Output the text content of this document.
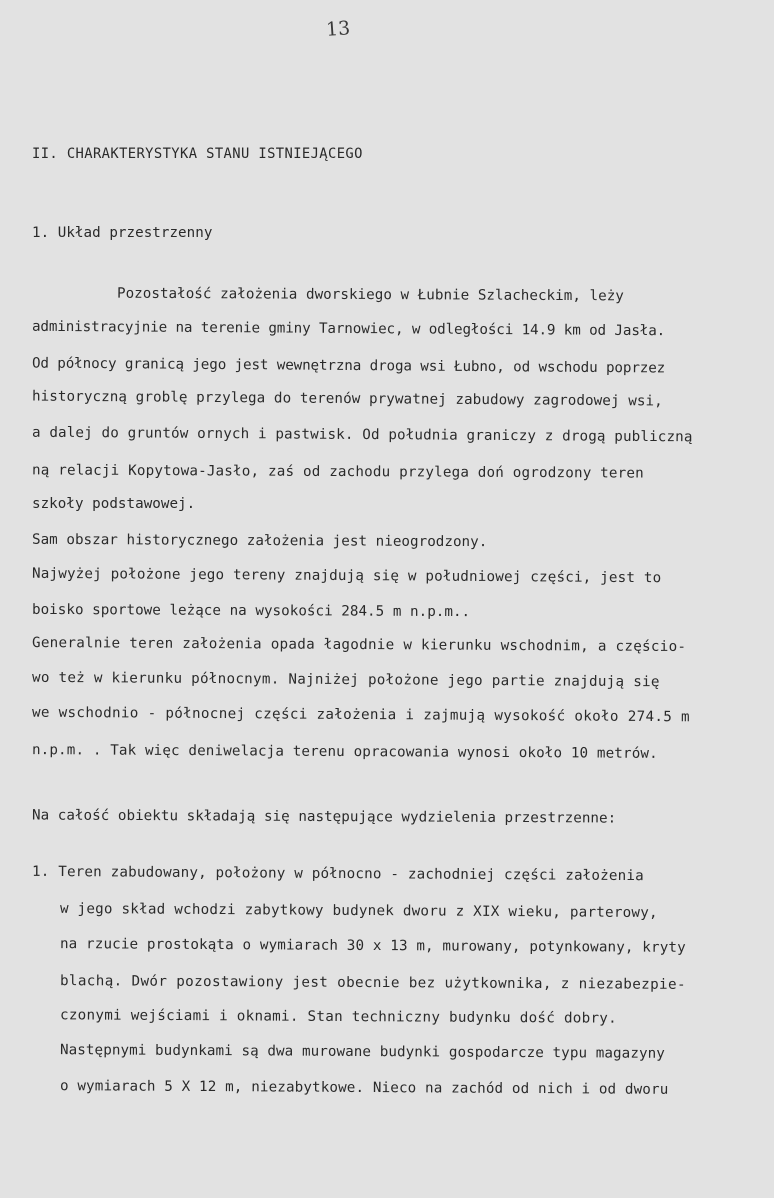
13
II. CHARAKTERYSTYKA STANU ISTNIEJĄCEGO
1. Układ przestrzenny
Pozostałość założenia dworskiego w Łubnie Szlacheckim, leży
administracyjnie na terenie gminy Tarnowiec, w odległości 14.9 km od Jasła.
Od północy granicą jego jest wewnętrzna droga wsi Łubno, od wschodu poprzez
historyczną groblę przylega do terenów prywatnej zabudowy zagrodowej wsi,
a dalej do gruntów ornych i pastwisk. Od południa graniczy z drogą publiczną
ną relacji Kopytowa-Jasło, zaś od zachodu przylega doń ogrodzony teren
szkoły podstawowej.
Sam obszar historycznego założenia jest nieogrodzony.
Najwyżej położone jego tereny znajdują się w południowej części, jest to
boisko sportowe leżące na wysokości 284.5 m n.p.m..
Generalnie teren założenia opada łagodnie w kierunku wschodnim, a częścio-
wo też w kierunku północnym. Najniżej położone jego partie znajdują się
we wschodnio - północnej części założenia i zajmują wysokość około 274.5 m
n.p.m. . Tak więc deniwelacja terenu opracowania wynosi około 10 metrów.
Na całość obiektu składają się następujące wydzielenia przestrzenne:
1. Teren zabudowany, położony w północno - zachodniej części założenia
w jego skład wchodzi zabytkowy budynek dworu z XIX wieku, parterowy,
na rzucie prostokąta o wymiarach 30 x 13 m, murowany, potynkowany, kryty
blachą. Dwór pozostawiony jest obecnie bez użytkownika, z niezabezpie-
czonymi wejściami i oknami. Stan techniczny budynku dość dobry.
Następnymi budynkami są dwa murowane budynki gospodarcze typu magazyny
o wymiarach 5 X 12 m, niezabytkowe. Nieco na zachód od nich i od dworu
